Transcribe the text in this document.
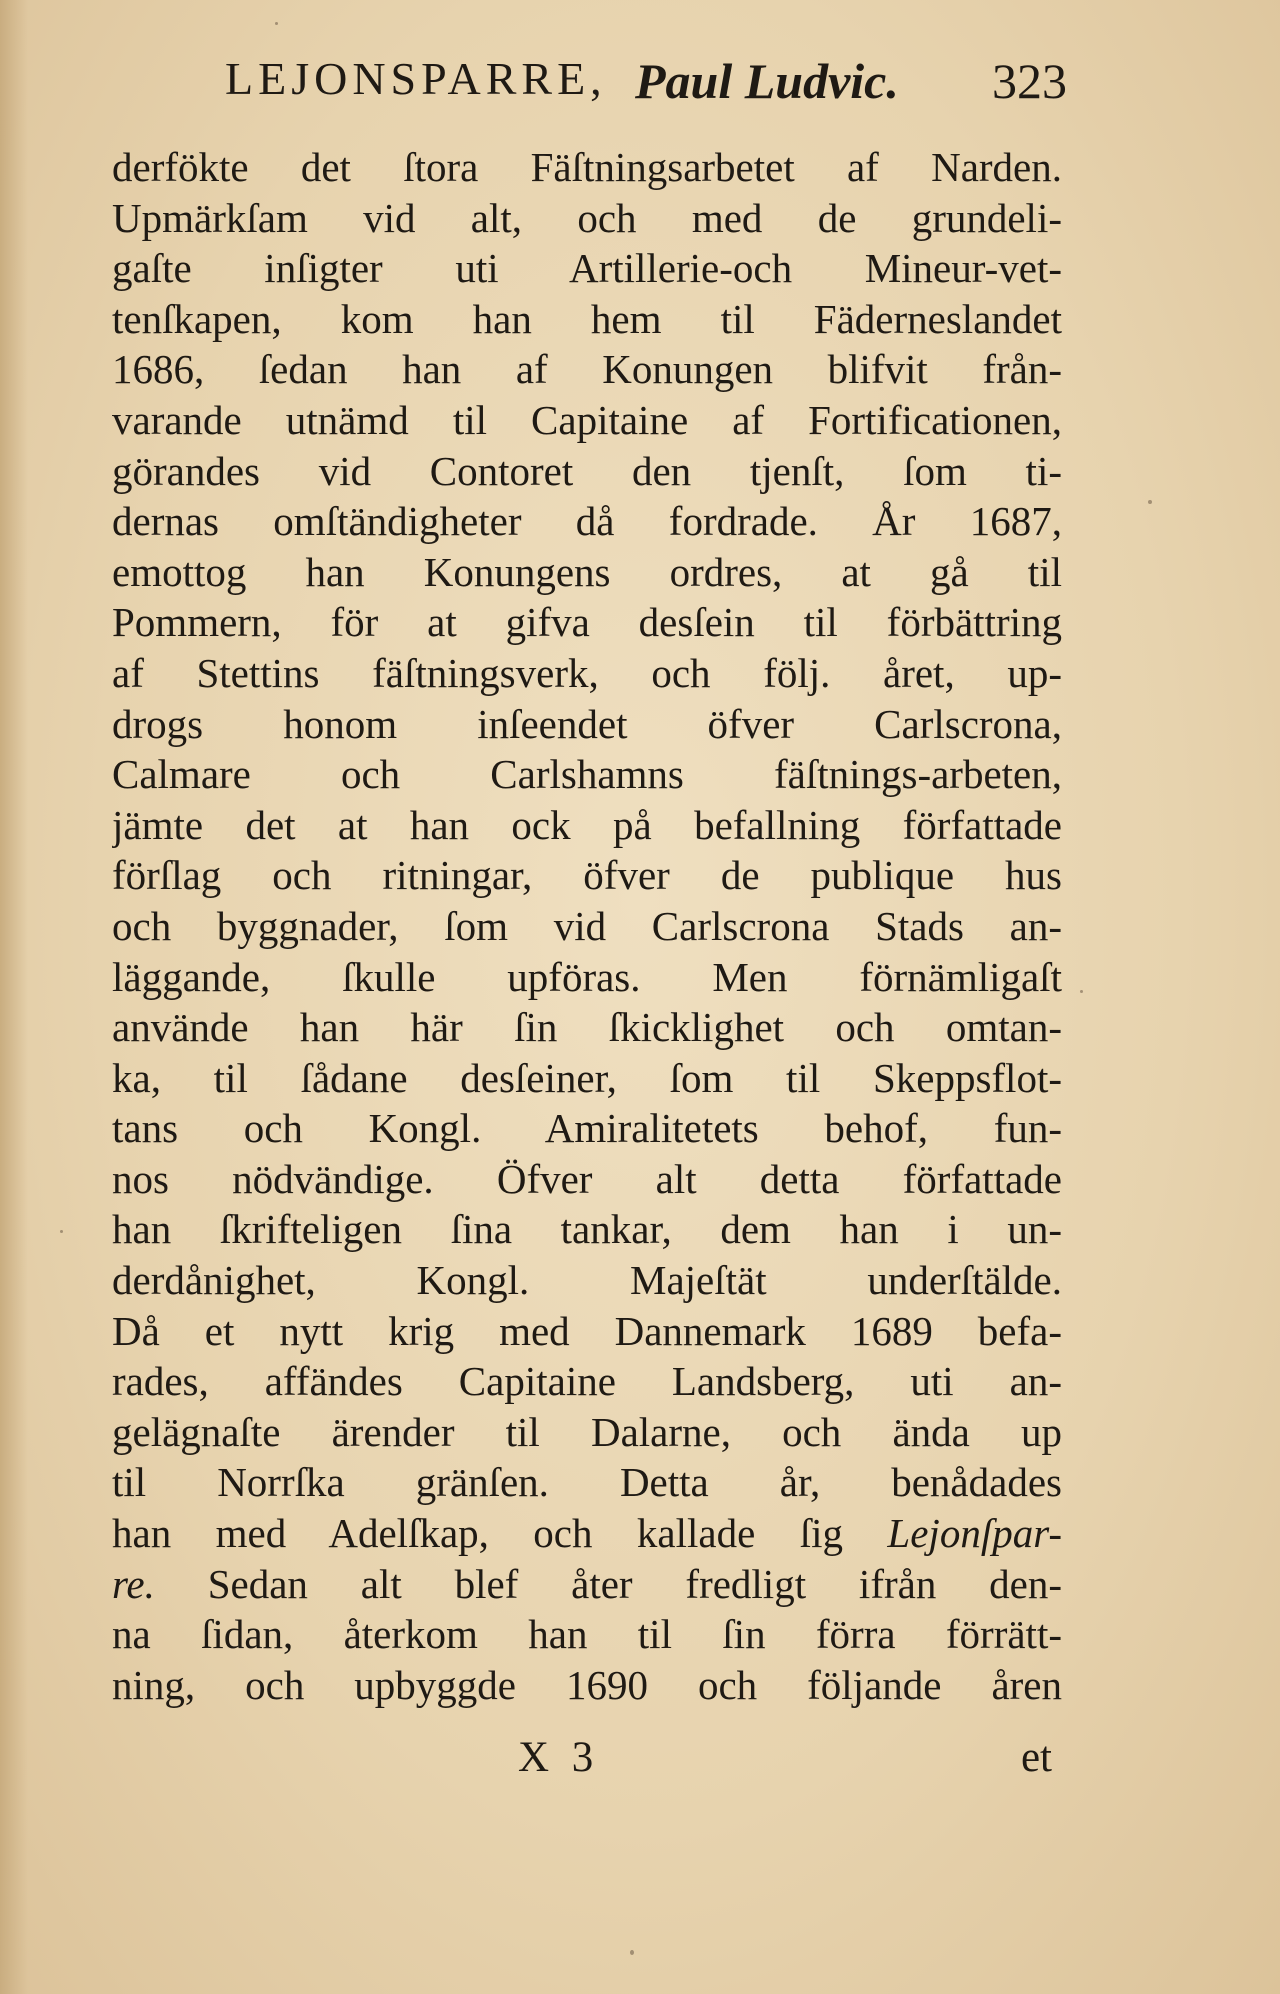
LEJONSPARRE, Paul Ludvic. 323
derfökte det ſtora Fäſtningsarbetet af Narden.
Upmärkſam vid alt, och med de grundeli-
gaſte inſigter uti Artillerie-och Mineur-vet-
tenſkapen, kom han hem til Fäderneslandet
1686, ſedan han af Konungen blifvit från-
varande utnämd til Capitaine af Fortificationen,
görandes vid Contoret den tjenſt, ſom ti-
dernas omſtändigheter då fordrade. År 1687,
emottog han Konungens ordres, at gå til
Pommern, för at gifva desſein til förbättring
af Stettins fäſtningsverk, och följ. året, up-
drogs honom inſeendet öfver Carlscrona,
Calmare och Carlshamns fäſtnings-arbeten,
jämte det at han ock på befallning författade
förſlag och ritningar, öfver de publique hus
och byggnader, ſom vid Carlscrona Stads an-
läggande, ſkulle upföras. Men förnämligaſt
använde han här ſin ſkicklighet och omtan-
ka, til ſådane desſeiner, ſom til Skeppsflot-
tans och Kongl. Amiralitetets behof, fun-
nos nödvändige. Öfver alt detta författade
han ſkrifteligen ſina tankar, dem han i un-
derdånighet, Kongl. Majeſtät underſtälde.
Då et nytt krig med Dannemark 1689 befa-
rades, affändes Capitaine Landsberg, uti an-
gelägnaſte ärender til Dalarne, och ända up
til Norrſka gränſen. Detta år, benådades
han med Adelſkap, och kallade ſig Lejonſpar-
re. Sedan alt blef åter fredligt ifrån den-
na ſidan, återkom han til ſin förra förrätt-
ning, och upbyggde 1690 och följande åren
X 3	et
